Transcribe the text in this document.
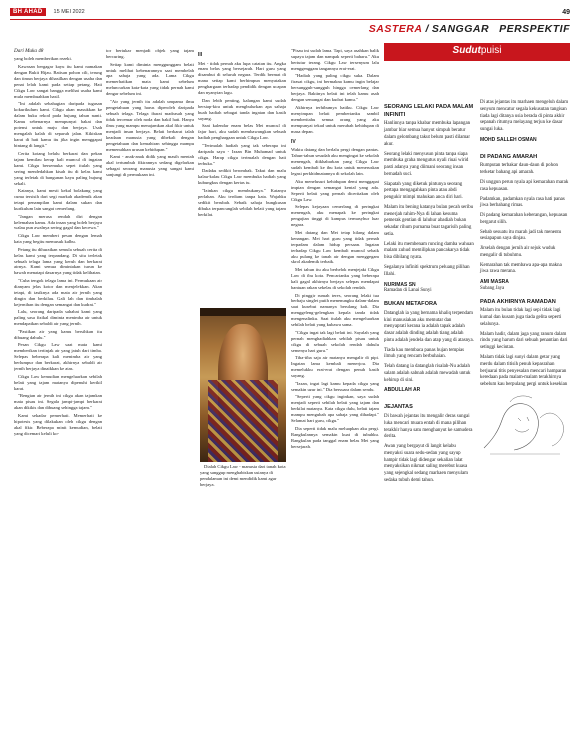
BH AHAD	15 MEI 2022	49
SASTERA / SANGGAR PERSPEKTIF

Dari Muka 48

yang boleh memberikan rezeki.

Kawasan bergagar kayu itu kami namakan dengan Bukit Hijau. Batisan pohon cili, terung dan timun berjaya dihasilkan dengan usaha dan penat lelah kami pada setiap petang. Hati Cikgu Law sangat bangga melihat usaha kami mula membuahkan hasil.

"Ini adalah sebahagian daripada tugasan kokurikulum kami. Cikgu akan masukkan ke dalam buku rekod pada hujung tahun nanti. Kamu sebenarnya mempunyai bakat dan potensi untuk maju dan berjaya. Usah mengalah kalah di separuh jalan. Kikiskan karat di hati kamu itu jika ingin menggapai bintang di langit."

Cerita kotang belalu berkarat dan pekan tajam kemilau kerap kali muncul di ingatan kami. Cikgu bersemuka sepet itulah yang sering mendedahkan kisah itu di kelas kami yang terletak di bangunan kayu paling hujung sekali.

Katanya, kami mesti kekal bolakang yang cuma tersisih dari segi markah akademik akan tetapi penampilan kami dalam sukan dan kurikulum lain sangat cemerlang.

"Jangan merasa rendah diri dengan kelemahan kamu. Ada insan yang boleh berjaya walau pun awalnya sering gagal dan kecewa."

Cikgu Law memberi pesan dengan lemah kata yang begitu memusuk kalbu.

Petang itu dihuraikan semula sebuah cerita di kelas kami yang terpandang. Di situ terletak sebuah telaga lama yang keruh dan berkarat airnya. Kami semua dimintakan turun ke bawah menatapi dasarnya yang tidak kelihatan.

"Cuba tengok telaga lama ini. Permukaan air dianyam jelas kotor dan menjelekkan. Akan tetapi, di tasiknya ada mata air jernih yang dingin dan berkilau. Gali lah dan timbalah kejernihan itu dengan semangat dan kudrat."

Lalu, seorang daripada sahabat kami yang paling sasa fizikal diminta menimba air untuk mendapatkan sebaldi air yang jernih.

"Pastikan air yang kamu bersihkan itu dibuang dahulu."

Pesan Cikgu Law saat mata kami memberikan tertinjak air yang jatuh dari timba. Selepas beberapa kali menimba air yang berlumpur dan berkarat, akhirnya sebaldi air jernih berjaya dinaikkan ke atas.

Cikgu Law kemudian mengeluarkan sebilah belati yang tajam matanya dipenuhi kerikil karat.

"Bengian air jernih ini cikgu akan tajamkan mata pisau ini. Segala jampi-jampi berkarat akan dikikis dan dibuang sehingga tajam."

Kami sekadar pemerhati. Memerhati ke hipotesis yang dilakukan oleh cikgu dengan akal fikir. Beberapa minit kemudian, belati yang dicemari keluli ko-

tor bertukar menjadi objek yang tajam bercuring.

Setiap kami diminta menggunggam belati untuk melihat kebenarannya saat membelah apa sahaja yang ada. Lama Cikgu memerhatikan mata kami sebelum meluncurkan kata-kata yang tidak pernah kami dengar sebelum ini.

"Air yang jernih itu adalah umpama ilmu pengetahuan yang harus diperoleh daripada sebuah telaga. Telaga ibarat madrasah yang tidak tercemar oleh noda dan bakil hati. Hanya ilmu yang mampu menajamkan akal fikir untuk menjadi insan berjaya. Belati berkarat ialah keadaan manusia yang dibekali dengan pengetahuan dan kemahiran sehingga mampu memenuhkan urusan kehidupan."

Kami - anak-anak didik yang masih mentah akal tertumbuh fikirannya sedang digelarkan sebagai seorang manusia yang sangat kami sanjungi di permukaan ini.

III

Mei - tidak pernah aku lupa catatan itu. Angka enam belas yang bersejarah. Hari guru yang disambut di seluruh negara. Terdik bermat di mana setiap kami berhimpun menyatakan penghargaan terhadap pendidik dengan ucapan dan nyanyian lagu.

Dan lebih penting, kalangan kami sudah bersiap-kira untuk mengbulurkan apa sahaja buah hadiah sebagai tanda ingatan dan kasih sayang.

Saat kalendar enam belas Mei muncul di fajar hari, aku sudah membawangkan sebuah hadiah penghargaan untuk Cikgu Law.

"Terimalah hadiah yang tak seberapa ini daripada saya - Izzan Bin Muhamad untuk cikgu. Harap cikgu terimalah dengan hati terbuka."

Dadaku sedikit berombak. Takut dan malu kalau-kalau Cikgu Law membuka hadiah yang kubungkus dengan kertas tu.

"Izinkan cikgu membukanya." Katanya perlahan. Aku terdiam tanpa kata. Wajahku sedikit berubah. Sebaik sahaja bungkusan dibuka terpancunglah sebilah belati yang tajam berkilat.

Dialah Cikgu Law - manusia dari tanah kota yang sanggup menghabiskan usianya di pendalaman ini demi mendidik kami agar berjaya.

"Pisau ini sudah lama. Tapi, saya asahkan balik supaya tajam dan nampak seperti baharu." Aku bertutur terang. Cikgu Law tersenyum lalu menggenggam tangannya erat-erat.

"Hadiah yang paling cikgu suka. Dalam firasat cikgu, ini bermakna kamu ingin belajar bersungguh-sungguh hingga cemerlang dan berjaya. Baktinya belati ini telah kamu asah dengan semangat dan kudrat kamu."

Akhirnya terhibumya hatiku. Cikgu Law menyimpan belati pemberianku sambil memberitahu semua orang yang aku mempunyai tekad untuk merubah kehidupan di masa depan.

IV

Waktu datang dan berlalu pergi dengan pantas. Tahun-tahun sesudah aku mengingat ke sekolah menengah, diikhabarkan yang Cikgu Law sudah kembali ke ibu kota untuk meneruskan legasi perkhidmatannya di sekolah lain.

Aku menelusuri kehidupan demi menggapai impian dengan semangat kental yang ada. Seperti belati yang pernah diceritakan oleh Cikgu Law.

Selepas kejayaan cemerlang di peringkat menengah, aku menapak ke peringkat pengajian tinggi di kampus termasyhur luar negara.

Mei datang dan Mei tetap hilang dalam kenangan. Mei hari guru yang tidak pernah terpadam dalam hidup persaan. Ingatan terhadap Cikgu Law kembali muncul sebaik aku pulang ke tanah air dengan menggegam skrol akademik terbaik.

Mei tahun itu aku berhelok menjejaki Cikgu Law di ibu kota. Pencarianku yang beberapa kali gagal akhirnya berjaya selepas mendapat bantuan rakan sekelas di sekolah rendah.

Di pinggir rumah teres, seorang lelaki tua berbaju singlet putih menenungku dalam-dalam saat kusebut namanya berulang kali. Dia menggeleng-gelengkan kepala tanda tidak mengenalinku. Saat itulah aku mengeluarkan sebilah belati yang kubawa sama.

"Cikgu ingat tak lagi belati ini. Sayalah yang pernah menghadiahkan sebilah pisau untuk cikgu di sebuah sekolah rendah dahulu semenya hari guru."

Tiba-tiba saja air matanya mengalir di pipi. Ingatan lama kembali menerjou. Dia memelukku erat-erat dengan penuh kasih sayang.

"Izzan, ingat lagi kamu kepada cikgu yang semakin uzur ini." Dia bersuara dalam sendu.

"Seperti yang cikgu inginkan, saya sudah menjadi seperti sebilah belati yang tajam dan berkilat matanya. Kata cikgu dulu, belati tajam mampu mengubah apa sahaja yang dihadapi." Selamat hari guru, cikgu."

Dia seperti tidak malu meluapkan aku pergi. Rangkulannya semakin kuat di tubuhku. Rangkulan pada tanggal enam belas Mei yang bersejarah.

Sudutpuisi
SEORANG LELAKI PADA MALAM INFINITI

Hanlinnya tanpa khabar membuka lapangan jambar biar semua hanyut simpuh beratur dalam gelombang takut belum pasti dilamar akur.

Seorang lelaki menyusun pinta tanpa siapa membuka graha mengutus nyali riuai wirid pasti adanya yang diimani seorang insan bernadah suci.

Siapatah yang diketuk pintunya seorang pertapa mengagahkan pinta atau abdi pengukir mimpi mahukan anca diri hari.

Malam itu bening katanya bulan pecah seribu menerjah rahim-Nya di lahan kesuma pemerak gentian di laluhur abadiah bukan sekadar rihum purnama buat tagarisih paling setia.

Lelaki itu membenam runcing damba wahuan malam zuhud memilipkan pancakarya tidak bisa dibilang nyata.

Segalanya infiniti spektrum peluang pilihan Illahi.

NURIMAS SN
Ramadan di Lanai Sunyi
BUKAN METAFORA

Datanglah ia yang bernama khaliq terpendam kini manusiakan aku memutar dan menyaprati kerana ia adalah tapak adalah dasar adalah dinding adalah tiang adalah pintu adalah jendela dan atap yang di atasnya.

Tiada kau membaca panas hujan tempias ilmuh yang rencam berbuhaian.

Telah datang ia datanglah risalah-Nu adalah salam adalah sabnah adalah mewadah untuk kehirup di sini.

ABDULLAH AR
JEJANTAS

Di bawah jejantas itu mengalir deras sungai luka mencari muara entah di mana pilihan terakhir hanya satu menghanyut ke samudera derita.

Awan yang bergayut di langit kelabu menyaksi suara sedu-sedan yang sayup hampir tidak lagi didengar sekalian lalat menyaksikan nikmat saling merebut kuasa yang sejengkal sedang marhaen menyulam sedaka tubuh demi tahun.

Di atas jejantas itu marhaen mengeluh dalam senyum mencatur segala kekusutan tangisan tiada lagi ditanya usia berada di pinta akhir sepanah ritumya melayang terjun ke dasar sungai luka.

MOHD SALLEH OSMAN
DI PADANG AMARAH

Rumputan terbakar daun-daun di pohon terketar bahang api amarah.

Di unggun perun nyala api kemarahan marak rasa kepuasan.

Padamkan, padamkan nyala rasa hati panas jiwa berbahang rimas.

Di padang kemarahan keberangan, kepuasan bergarut silih.

Sebab sesuatu itu marah jadi tak menentu sesiapapun saya dinjau.

Jirselah dengan jernih air sejuk wuduk mengalir di tubuhmu.

Kemarahan tak membawa apa-apa makna jiwa rawa merana.

AMI MASRA
Subang Jaya
PADA AKHIRNYA RAMADAN

Malam itu bulan tidak lagi sepi tidak lagi kumal dan kusam juga tiada gelita seperti selalunya.

Malam hadir, dalam jaga yang ranum dalam rindu yang harum dari sebuah penantian dari setinggi keciutan.

Malam tidak lagi sunyi dalam getar yang merdu dalam titisih penuh kepasrahan berjuarai titis penyesalan mencari hamparan keredaan pada malam-malam terakhirnya sebelum kau berpulang pergi untuk kesekian
